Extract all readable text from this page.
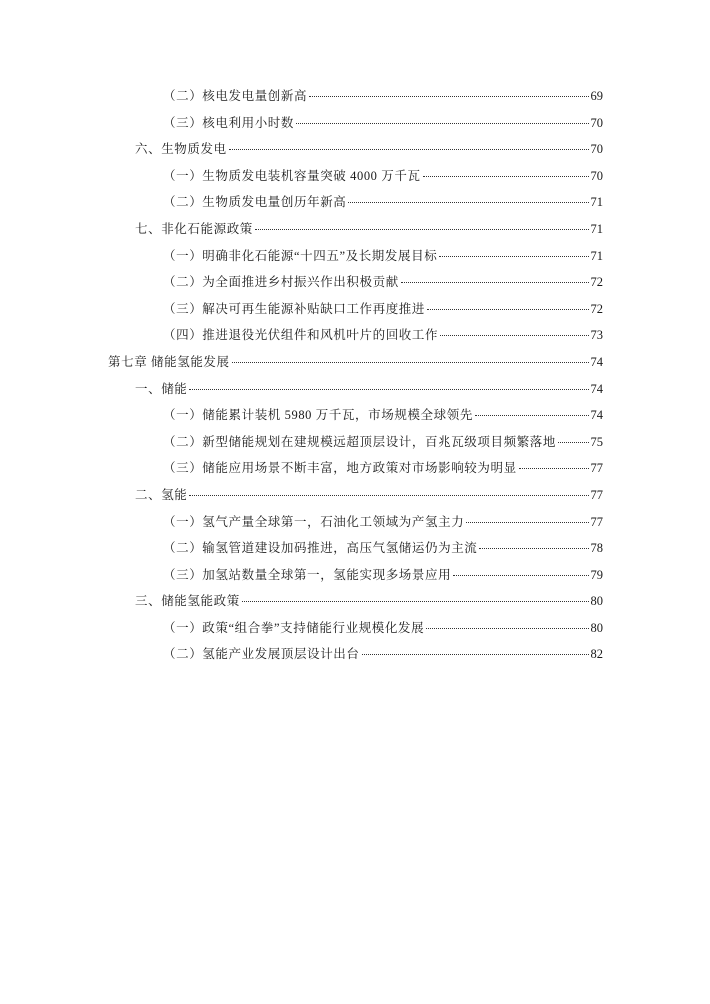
（二）核电发电量创新高	69
（三）核电利用小时数	70
六、生物质发电	70
（一）生物质发电装机容量突破 4000 万千瓦	70
（二）生物质发电量创历年新高	71
七、非化石能源政策	71
（一）明确非化石能源“十四五”及长期发展目标	71
（二）为全面推进乡村振兴作出积极贡献	72
（三）解决可再生能源补贴缺口工作再度推进	72
（四）推进退役光伏组件和风机叶片的回收工作	73
第七章 储能氢能发展	74
一、储能	74
（一）储能累计装机 5980 万千瓦，市场规模全球领先	74
（二）新型储能规划在建规模远超顶层设计，百兆瓦级项目频繁落地	75
（三）储能应用场景不断丰富，地方政策对市场影响较为明显	77
二、氢能	77
（一）氢气产量全球第一，石油化工领域为产氢主力	77
（二）输氢管道建设加码推进，高压气氢储运仍为主流	78
（三）加氢站数量全球第一，氢能实现多场景应用	79
三、储能氢能政策	80
（一）政策“组合拳”支持储能行业规模化发展	80
（二）氢能产业发展顶层设计出台	82
